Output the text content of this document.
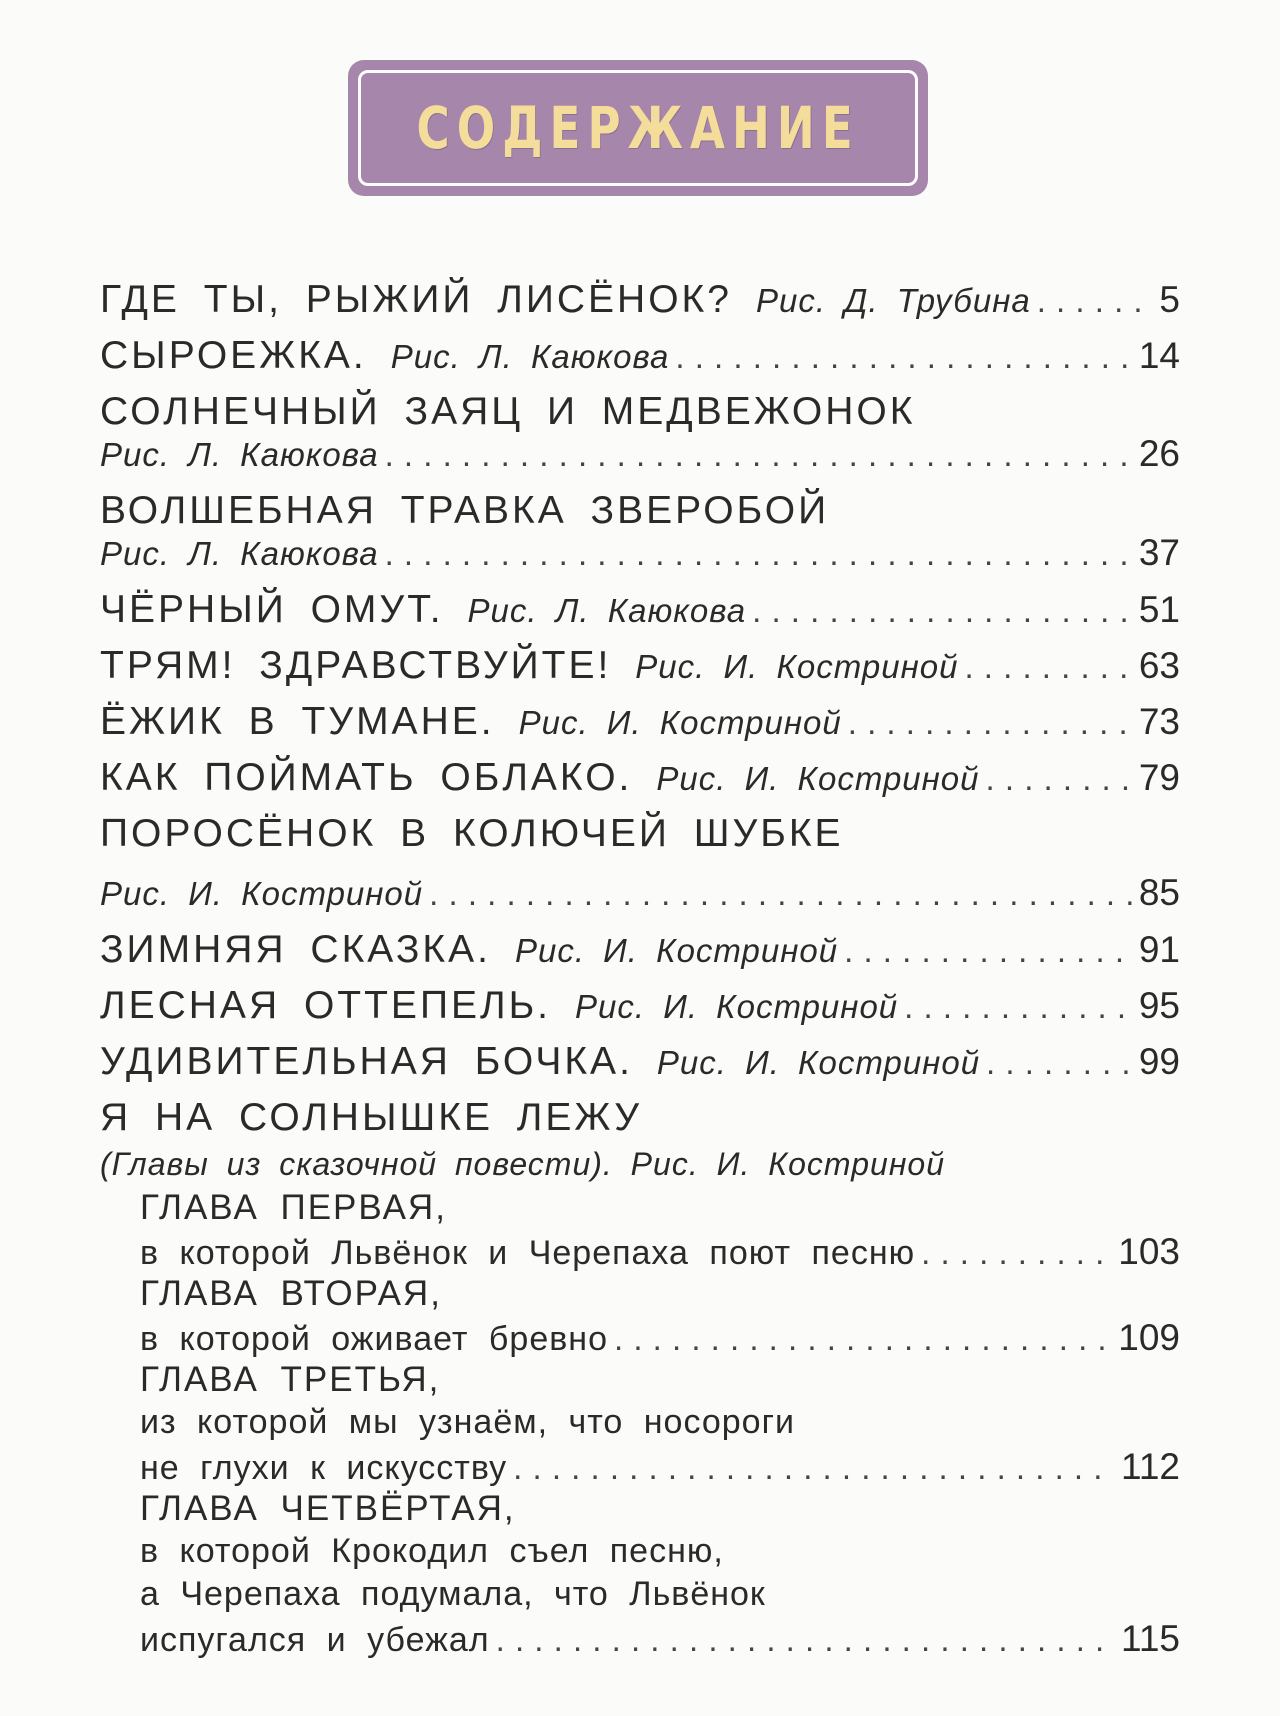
СОДЕРЖАНИЕ
ГДЕ ТЫ, РЫЖИЙ ЛИСЁНОК? Рис. Д. Трубина . . .	5
СЫРОЕЖКА. Рис. Л. Каюкова . . .	14
СОЛНЕЧНЫЙ ЗАЯЦ И МЕДВЕЖОНОК
Рис. Л. Каюкова . . .	26
ВОЛШЕБНАЯ ТРАВКА ЗВЕРОБОЙ
Рис. Л. Каюкова . . .	37
ЧЁРНЫЙ ОМУТ. Рис. Л. Каюкова . . .	51
ТРЯМ! ЗДРАВСТВУЙТЕ! Рис. И. Костриной . . .	63
ЁЖИК В ТУМАНЕ. Рис. И. Костриной . . .	73
КАК ПОЙМАТЬ ОБЛАКО. Рис. И. Костриной . . .	79
ПОРОСЁНОК В КОЛЮЧЕЙ ШУБКЕ
Рис. И. Костриной . . .	85
ЗИМНЯЯ СКАЗКА. Рис. И. Костриной . . .	91
ЛЕСНАЯ ОТТЕПЕЛЬ. Рис. И. Костриной . . .	95
УДИВИТЕЛЬНАЯ БОЧКА. Рис. И. Костриной . . .	99
Я НА СОЛНЫШКЕ ЛЕЖУ
(Главы из сказочной повести). Рис. И. Костриной
ГЛАВА ПЕРВАЯ,
в которой Львёнок и Черепаха поют песню . . .	103
ГЛАВА ВТОРАЯ,
в которой оживает бревно . . .	109
ГЛАВА ТРЕТЬЯ,
из которой мы узнаём, что носороги
не глухи к искусству . . .	112
ГЛАВА ЧЕТВЁРТАЯ,
в которой Крокодил съел песню,
а Черепаха подумала, что Львёнок
испугался и убежал . . .	115
